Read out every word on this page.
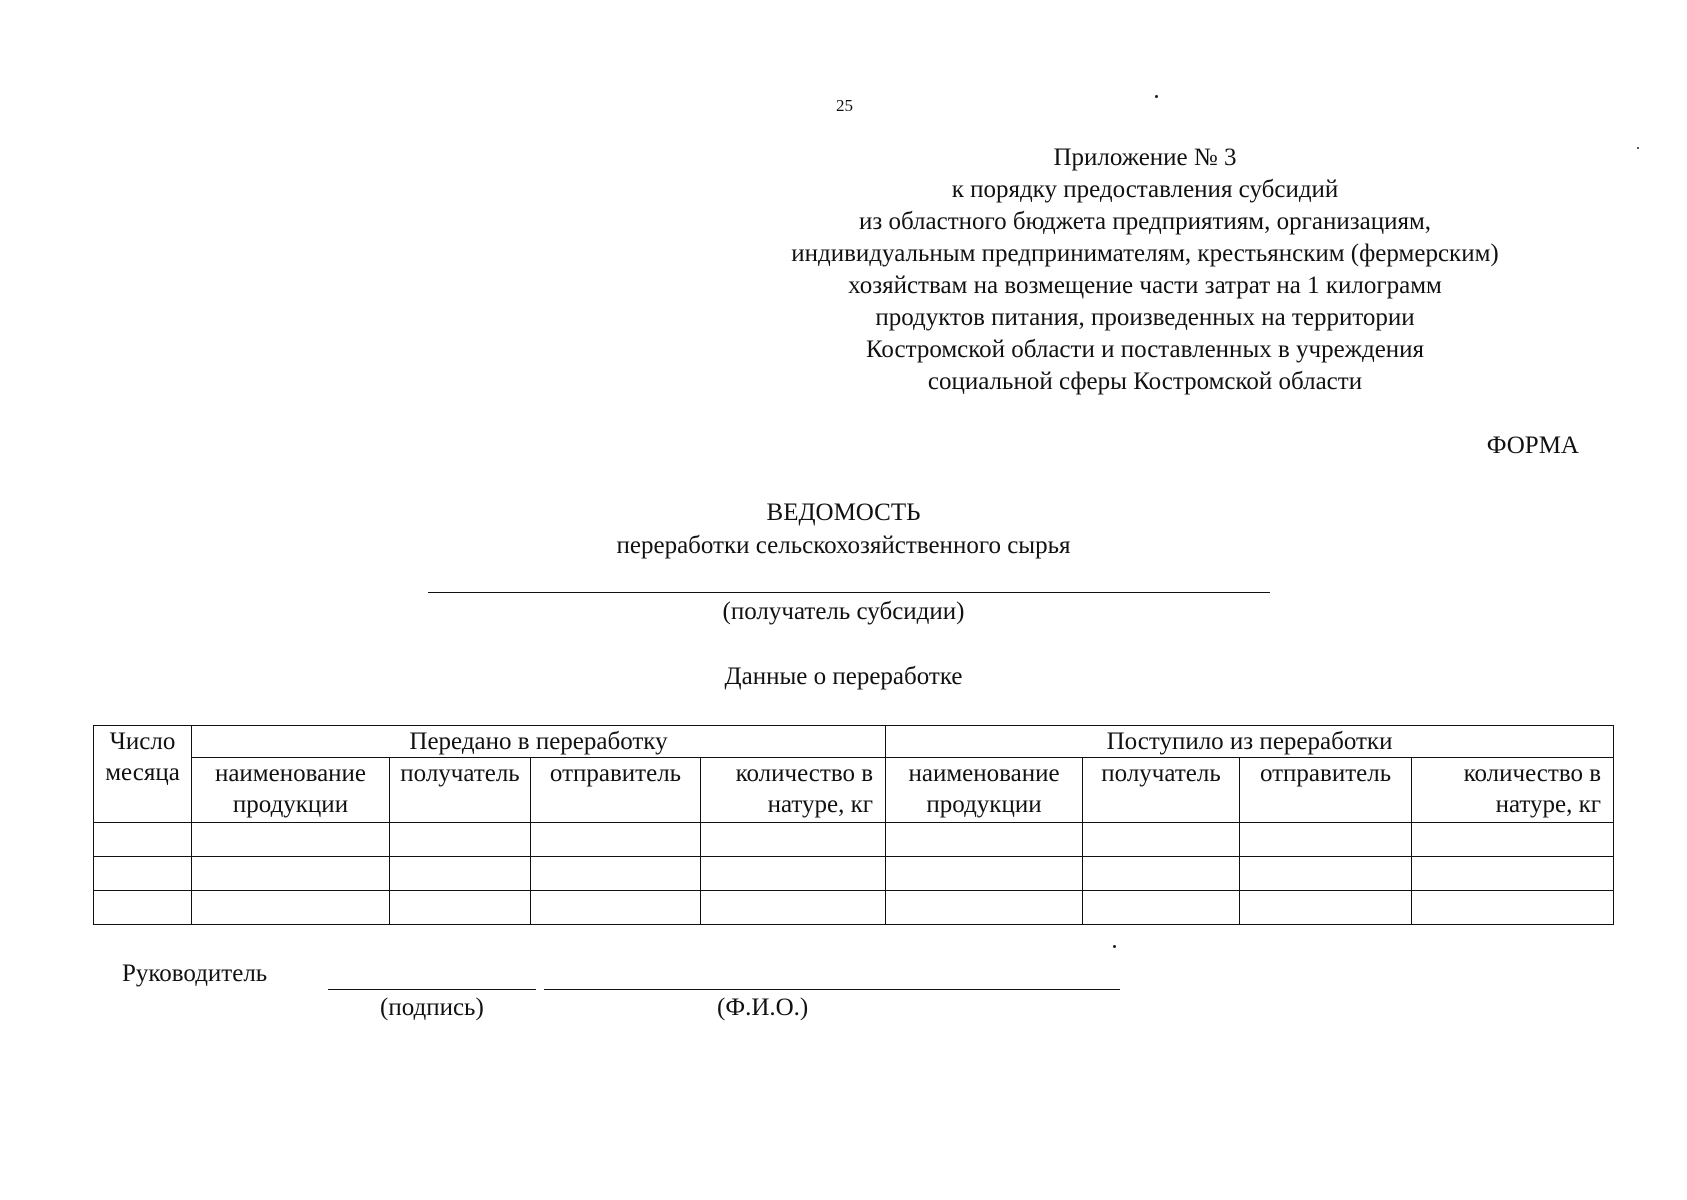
25
Приложение № 3
к порядку предоставления субсидий
из областного бюджета предприятиям, организациям,
индивидуальным предпринимателям, крестьянским (фермерским)
хозяйствам на возмещение части затрат на 1 килограмм
продуктов питания, произведенных на территории
Костромской области и поставленных в учреждения
социальной сферы Костромской области
ФОРМА
ВЕДОМОСТЬ
переработки сельскохозяйственного сырья
(получатель субсидии)
Данные о переработке
Число месяца	Передано в переработку				Поступило из переработки			
	наименование продукции	получатель	отправитель	количество в натуре, кг	наименование продукции	получатель	отправитель	количество в натуре, кг

Руководитель
(подпись)	(Ф.И.О.)
